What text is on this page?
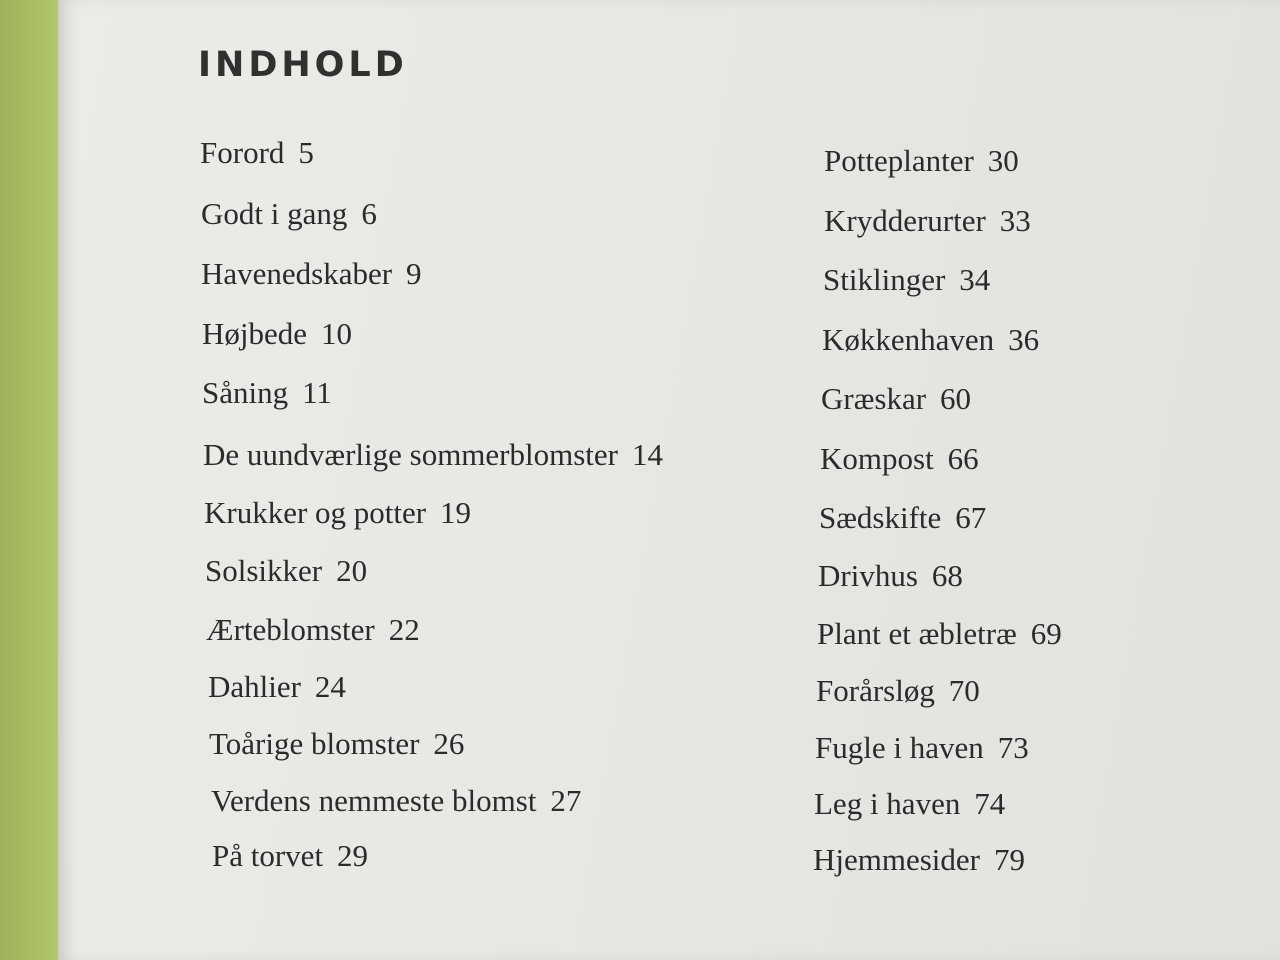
INDHOLD

Forord 5

Godt i gang 6

Havenedskaber 9

Højbede 10

Såning 11

De uundværlige sommerblomster 14

Krukker og potter 19

Solsikker 20

Ærteblomster 22

Dahlier 24

Toårige blomster 26

Verdens nemmeste blomst 27

På torvet 29

Potteplanter 30

Krydderurter 33

Stiklinger 34

Køkkenhaven 36

Græskar 60

Kompost 66

Sædskifte 67

Drivhus 68

Plant et æbletræ 69

Forårsløg 70

Fugle i haven 73

Leg i haven 74

Hjemmesider 79
